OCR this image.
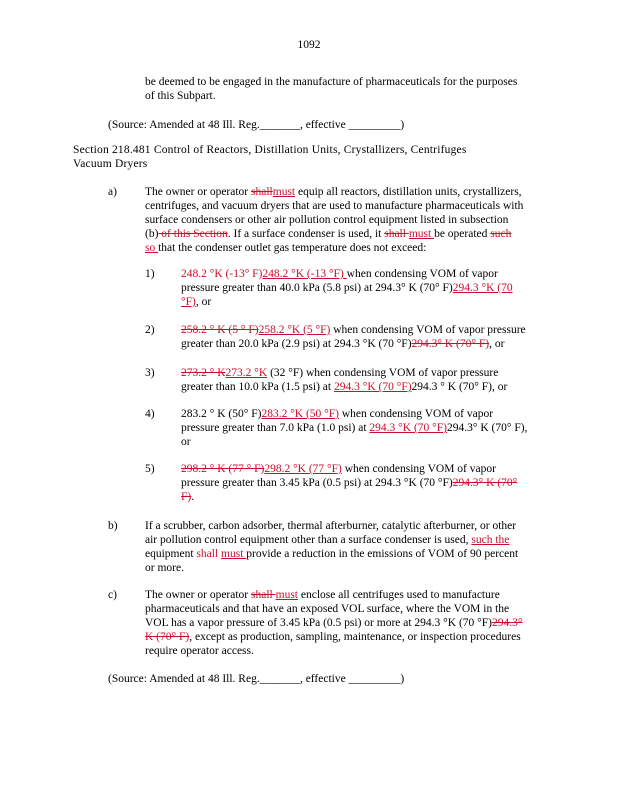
1092

be deemed to be engaged in the manufacture of pharmaceuticals for the purposes

of this Subpart.

(Source: Amended at 48 Ill. Reg._______, effective _________)

Section 218.481 Control of Reactors, Distillation Units, Crystallizers, Centrif
uges

Vacuum Dryers

a)	The owner or operator shallmust equip all reactors, distillation units, crystallizers,

centrifuges, and vacuum dryers that are used to manufacture pharmaceuticals with

surface condensers or other air pollution control equipment listed in subsection

(b) of this Section. If a surface condenser is used, it shall must be operated such

so that the condenser outlet gas temperature does not exceed:

1)	248.2 °K (-13° F)248.2 °K (-13 °F) when condensing VOM of vapor

pressure greater than 40.0 kPa (5.8 psi) at 294.3° K (70° F)294.3 °K (70

°F), or

2)	258.2 ° K (5 ° F)258.2 °K (5 °F) when condensing VOM of vapor pressure

greater than 20.0 kPa (2.9 psi) at 294.3 °K (70 °F)294.3° K (70° F), or

3)	273.2 ° K273.2 °K (32 °F) when condensing VOM of vapor pressure

greater than 10.0 kPa (1.5 psi) at 294.3 °K (70 °F)294.3 ° K (70° F), or

4)	283.2 ° K (50° F)283.2 °K (50 °F) when condensing VOM of vapor

pressure greater than 7.0 kPa (1.0 psi) at 294.3 °K (70 °F)294.3° K (70° F),

or

5)	298.2 ° K (77 ° F)298.2 °K (77 °F) when condensing VOM of vapor

pressure greater than 3.45 kPa (0.5 psi) at 294.3 °K (70 °F)294.3° K (70°

F).

b)	If a scrubber, carbon adsorber, thermal afterburner, catalytic afterburner, or other

air pollution control equipment other than a surface condenser is used, such the

equipment shall must provide a reduction in the emissions of VOM of 90 percent

or more.

c)	The owner or operator shall must enclose all centrifuges used to manufacture

pharmaceuticals and that have an exposed VOL surface, where the VOM in the

VOL has a vapor pressure of 3.45 kPa (0.5 psi) or more at 294.3 °K (70 °F)294.3°

K (70° F), except as production, sampling, maintenance, or inspection procedures

require operator access.

(Source: Amended at 48 Ill. Reg._______, effective _________)
